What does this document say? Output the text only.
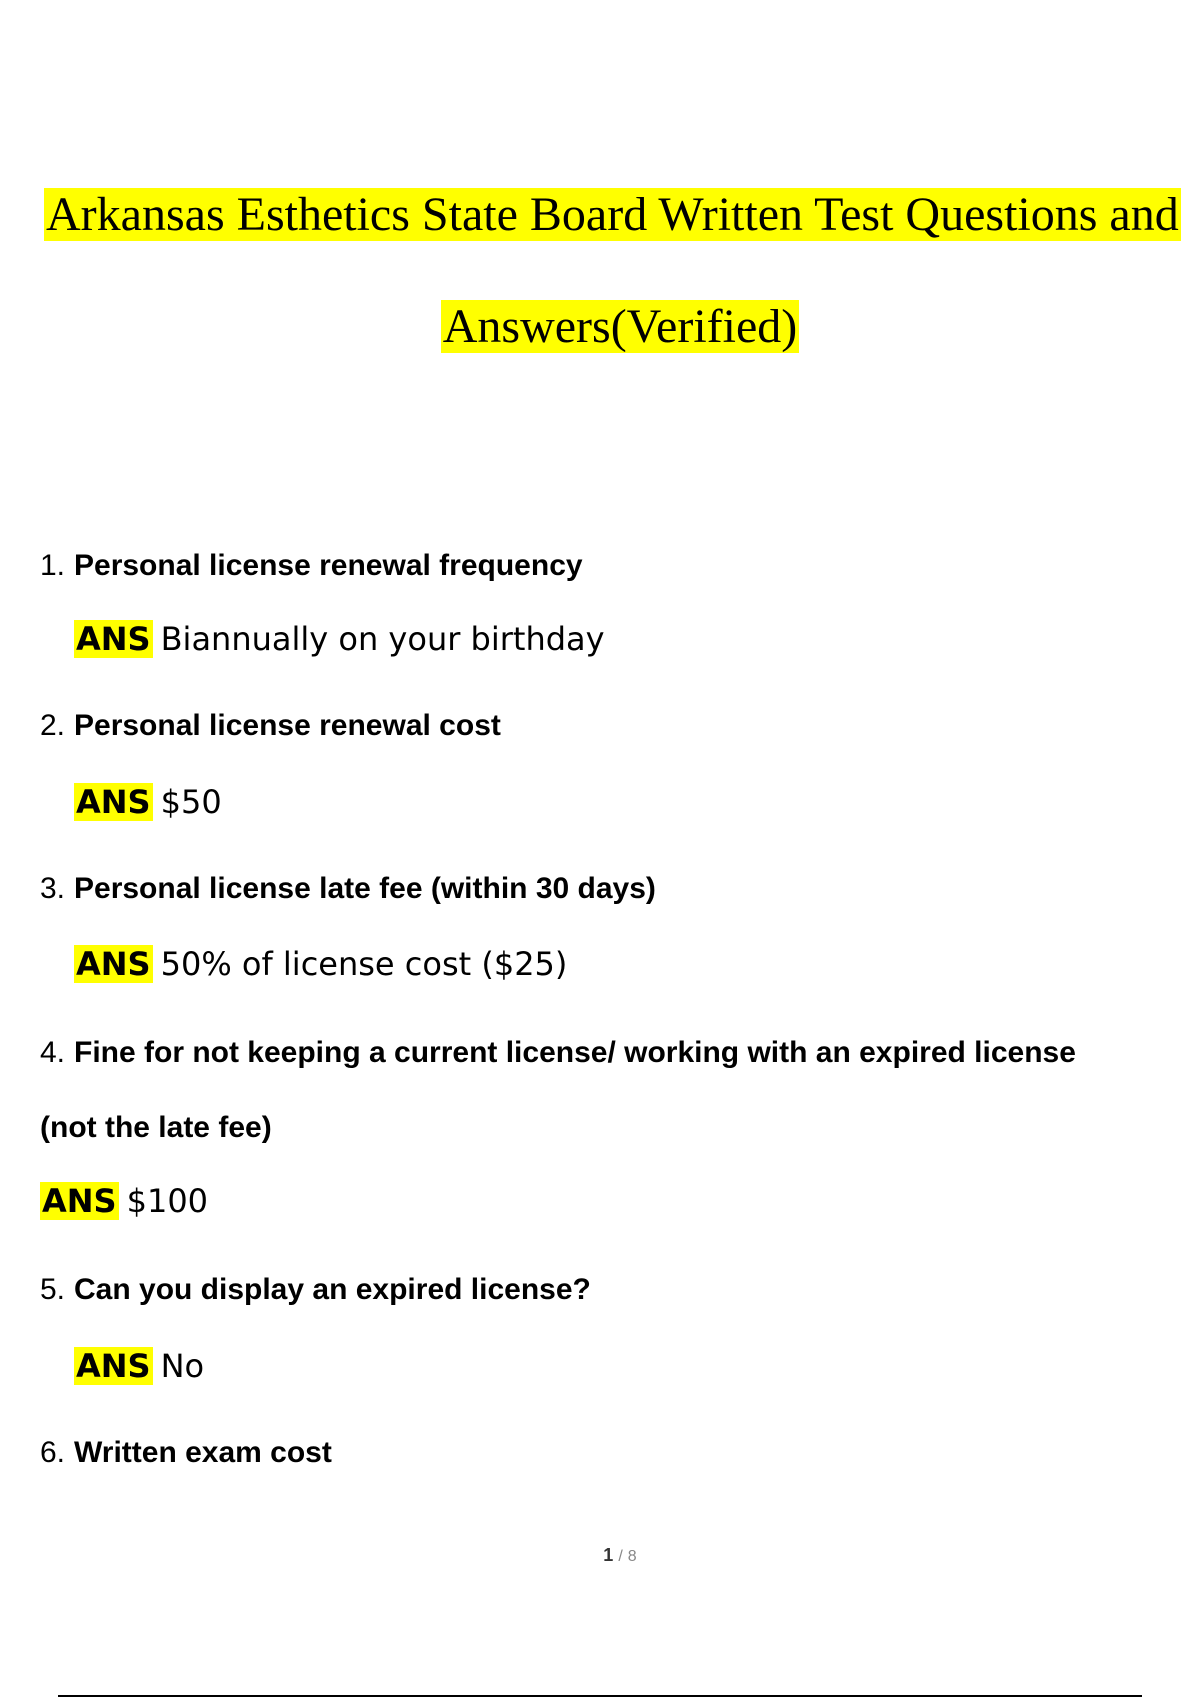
Arkansas Esthetics State Board Written Test Questions and
Answers(Verified)
1. Personal license renewal frequency
ANS Biannually on your birthday
2. Personal license renewal cost
ANS $50
3. Personal license late fee (within 30 days)
ANS 50% of license cost ($25)
4. Fine for not keeping a current license/ working with an expired license
(not the late fee)
ANS $100
5. Can you display an expired license?
ANS No
6. Written exam cost
1 / 8
